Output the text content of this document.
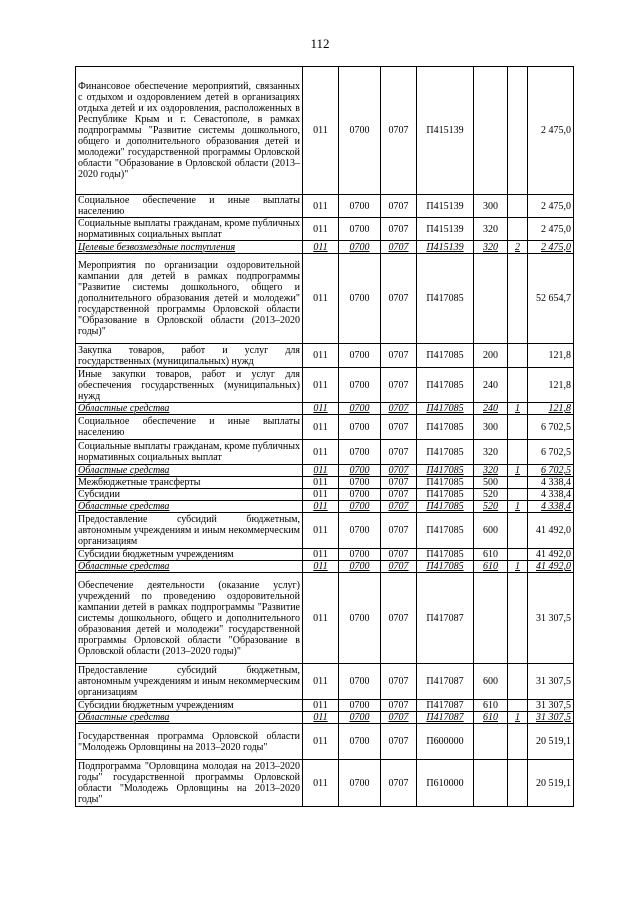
112
Финансовое обеспечение мероприятий, связанных с отдыхом и оздоровлением детей в организациях отдыха детей и их оздоровления, расположенных в Республике Крым и г. Севастополе, в рамках подпрограммы "Развитие системы дошкольного, общего и дополнительного образования детей и молодежи" государственной программы Орловской области "Образование в Орловской области (2013–2020 годы)"	011	0700	0707	П415139			2 475,0
Социальное обеспечение и иные выплаты населению	011	0700	0707	П415139	300		2 475,0
Социальные выплаты гражданам, кроме публичных нормативных социальных выплат	011	0700	0707	П415139	320		2 475,0
Целевые безвозмездные поступления	011	0700	0707	П415139	320	2	2 475,0
Мероприятия по организации оздоровительной кампании для детей в рамках подпрограммы "Развитие системы дошкольного, общего и дополнительного образования детей и молодежи" государственной программы Орловской области "Образование в Орловской области (2013–2020 годы)"	011	0700	0707	П417085			52 654,7
Закупка товаров, работ и услуг для государственных (муниципальных) нужд	011	0700	0707	П417085	200		121,8
Иные закупки товаров, работ и услуг для обеспечения государственных (муниципальных) нужд	011	0700	0707	П417085	240		121,8
Областные средства	011	0700	0707	П417085	240	1	121,8
Социальное обеспечение и иные выплаты населению	011	0700	0707	П417085	300		6 702,5
Социальные выплаты гражданам, кроме публичных нормативных социальных выплат	011	0700	0707	П417085	320		6 702,5
Областные средства	011	0700	0707	П417085	320	1	6 702,5
Межбюджетные трансферты	011	0700	0707	П417085	500		4 338,4
Субсидии	011	0700	0707	П417085	520		4 338,4
Областные средства	011	0700	0707	П417085	520	1	4 338,4
Предоставление субсидий бюджетным, автономным учреждениям и иным некоммерческим организациям	011	0700	0707	П417085	600		41 492,0
Субсидии бюджетным учреждениям	011	0700	0707	П417085	610		41 492,0
Областные средства	011	0700	0707	П417085	610	1	41 492,0
Обеспечение деятельности (оказание услуг) учреждений по проведению оздоровительной кампании детей в рамках подпрограммы "Развитие системы дошкольного, общего и дополнительного образования детей и молодежи" государственной программы Орловской области "Образование в Орловской области (2013–2020 годы)"	011	0700	0707	П417087			31 307,5
Предоставление субсидий бюджетным, автономным учреждениям и иным некоммерческим организациям	011	0700	0707	П417087	600		31 307,5
Субсидии бюджетным учреждениям	011	0700	0707	П417087	610		31 307,5
Областные средства	011	0700	0707	П417087	610	1	31 307,5
Государственная программа Орловской области "Молодежь Орловщины на 2013–2020 годы"	011	0700	0707	П600000			20 519,1
Подпрограмма "Орловщина молодая на 2013–2020 годы" государственной программы Орловской области "Молодежь Орловщины на 2013–2020 годы"	011	0700	0707	П610000			20 519,1
